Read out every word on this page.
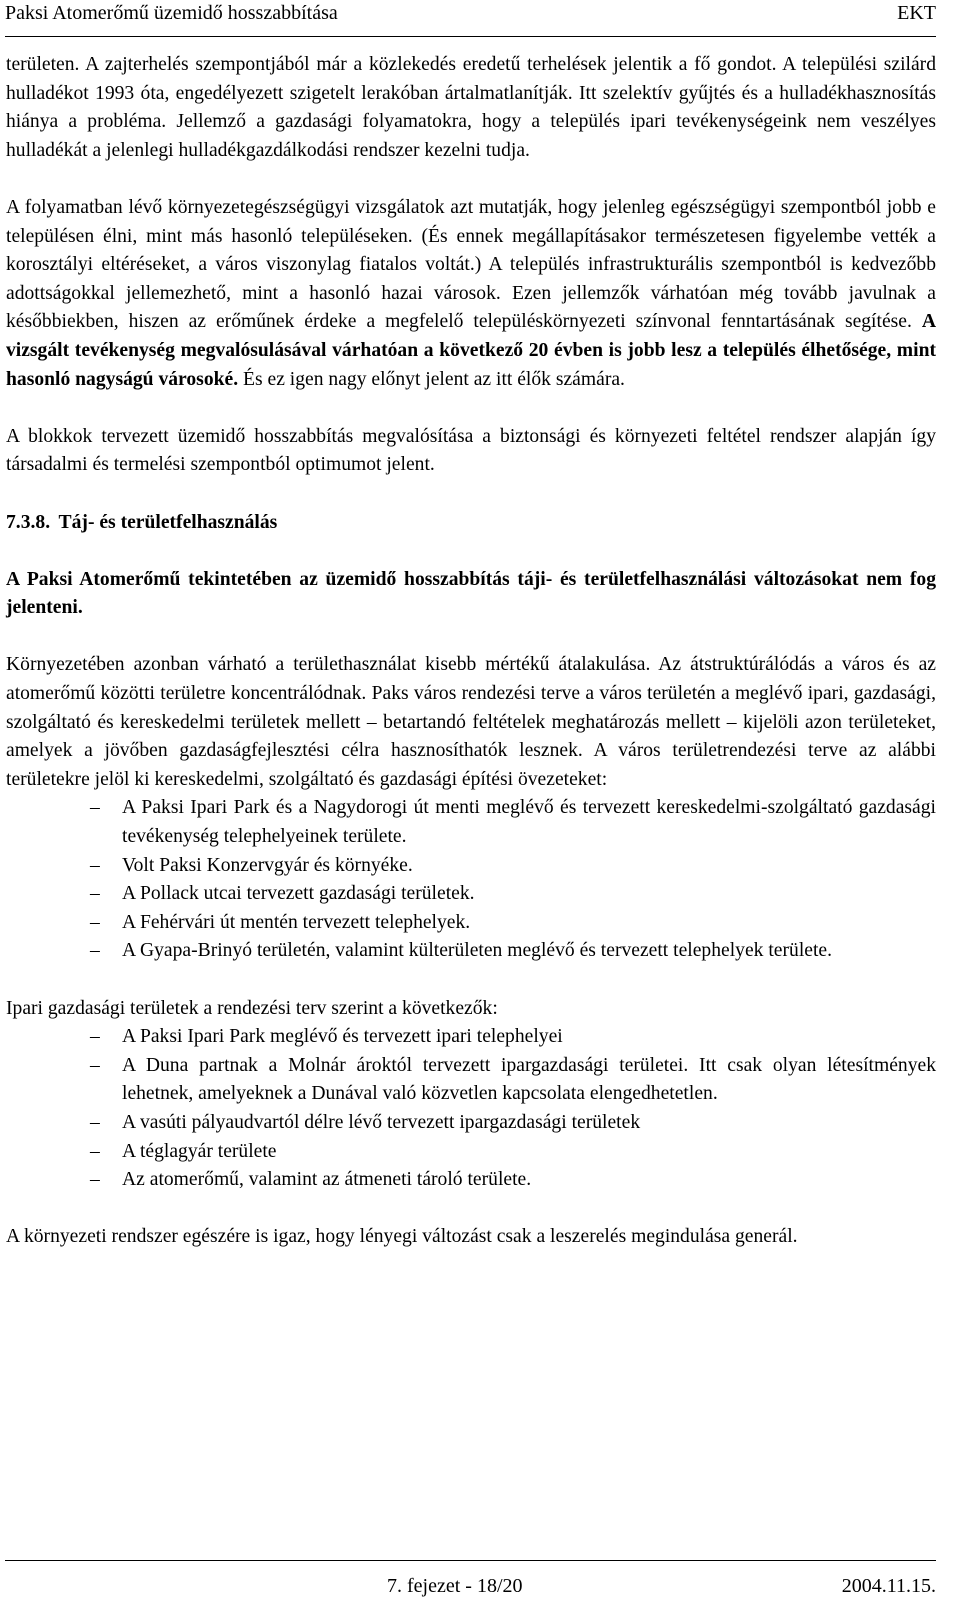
Paksi Atomerőmű üzemidő hosszabbítása	EKT

területen. A zajterhelés szempontjából már a közlekedés eredetű terhelések jelentik a fő gondot. A települési szilárd hulladékot 1993 óta, engedélyezett szigetelt lerakóban ártalmatlanítják. Itt szelektív gyűjtés és a hulladékhasznosítás hiánya a probléma. Jellemző a gazdasági folyamatokra, hogy a település ipari tevékenységeink nem veszélyes hulladékát a jelenlegi hulladékgazdálkodási rendszer kezelni tudja.

A folyamatban lévő környezetegészségügyi vizsgálatok azt mutatják, hogy jelenleg egészségügyi szempontból jobb e településen élni, mint más hasonló településeken. (És ennek megállapításakor természetesen figyelembe vették a korosztályi eltéréseket, a város viszonylag fiatalos voltát.) A település infrastrukturális szempontból is kedvezőbb adottságokkal jellemezhető, mint a hasonló hazai városok. Ezen jellemzők várhatóan még tovább javulnak a későbbiekben, hiszen az erőműnek érdeke a megfelelő településkörnyezeti színvonal fenntartásának segítése. A vizsgált tevékenység megvalósulásával várhatóan a következő 20 évben is jobb lesz a település élhetősége, mint hasonló nagyságú városoké. És ez igen nagy előnyt jelent az itt élők számára.

A blokkok tervezett üzemidő hosszabbítás megvalósítása a biztonsági és környezeti feltétel rendszer alapján így társadalmi és termelési szempontból optimumot jelent.

7.3.8. Táj- és területfelhasználás

A Paksi Atomerőmű tekintetében az üzemidő hosszabbítás táji- és területfelhasználási változásokat nem fog jelenteni.

Környezetében azonban várható a területhasználat kisebb mértékű átalakulása. Az átstruktúrálódás a város és az atomerőmű közötti területre koncentrálódnak. Paks város rendezési terve a város területén a meglévő ipari, gazdasági, szolgáltató és kereskedelmi területek mellett – betartandó feltételek meghatározás mellett – kijelöli azon területeket, amelyek a jövőben gazdaságfejlesztési célra hasznosíthatók lesznek. A város területrendezési terve az alábbi területekre jelöl ki kereskedelmi, szolgáltató és gazdasági építési övezeteket:

– A Paksi Ipari Park és a Nagydorogi út menti meglévő és tervezett kereskedelmi-szolgáltató gazdasági tevékenység telephelyeinek területe.
– Volt Paksi Konzervgyár és környéke.
– A Pollack utcai tervezett gazdasági területek.
– A Fehérvári út mentén tervezett telephelyek.
– A Gyapa-Brinyó területén, valamint külterületen meglévő és tervezett telephelyek területe.

Ipari gazdasági területek a rendezési terv szerint a következők:

– A Paksi Ipari Park meglévő és tervezett ipari telephelyei
– A Duna partnak a Molnár ároktól tervezett ipargazdasági területei. Itt csak olyan létesítmények lehetnek, amelyeknek a Dunával való közvetlen kapcsolata elengedhetetlen.
– A vasúti pályaudvartól délre lévő tervezett ipargazdasági területek
– A téglagyár területe
– Az atomerőmű, valamint az átmeneti tároló területe.

A környezeti rendszer egészére is igaz, hogy lényegi változást csak a leszerelés megindulása generál.

7. fejezet - 18/20	2004.11.15.
